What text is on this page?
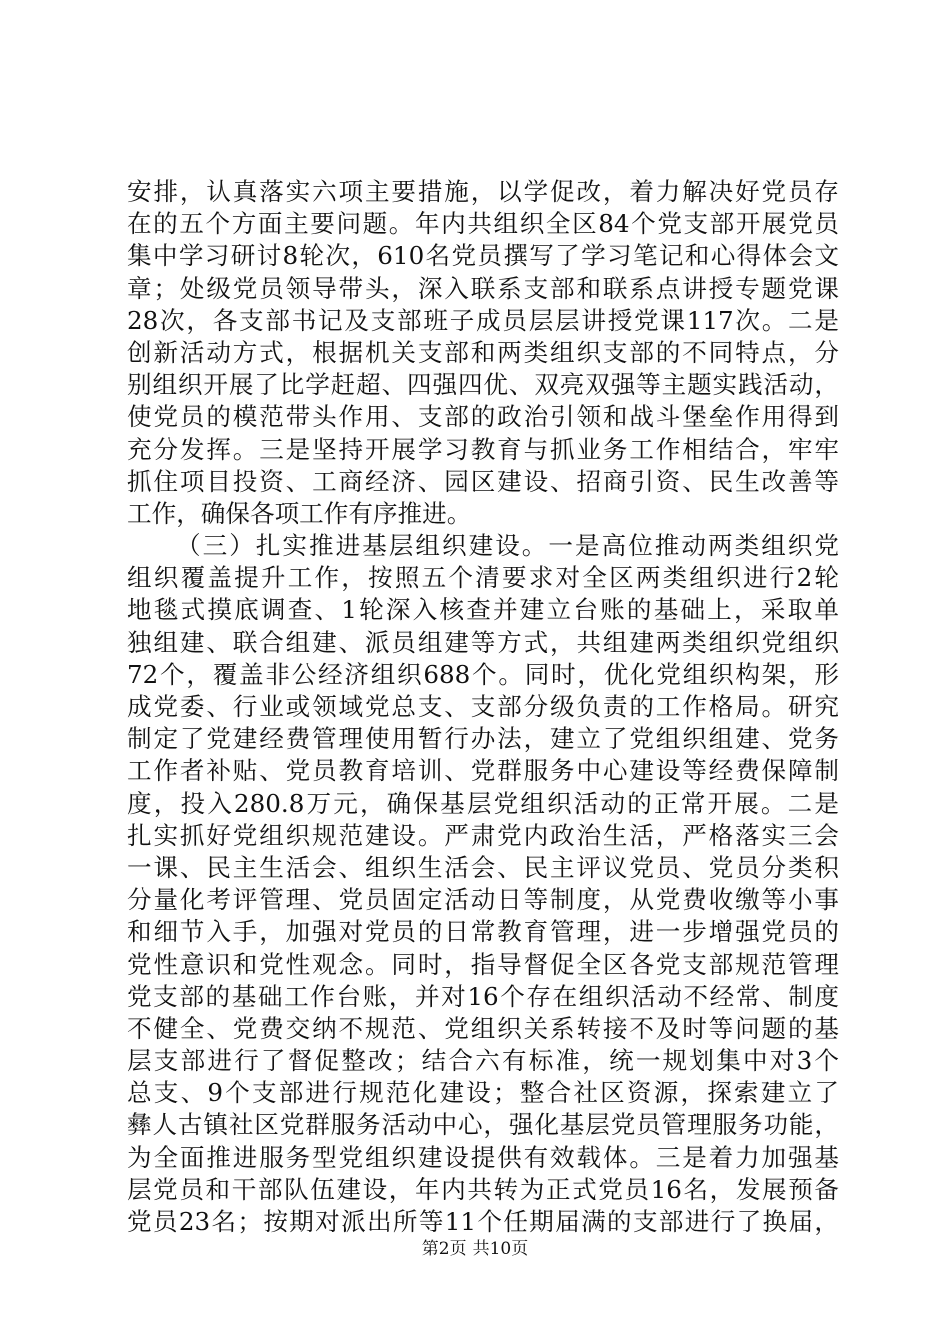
安排，认真落实六项主要措施，以学促改，着力解决好党员存
在的五个方面主要问题。年内共组织全区84个党支部开展党员
集中学习研讨8轮次，610名党员撰写了学习笔记和心得体会文
章；处级党员领导带头，深入联系支部和联系点讲授专题党课
28次，各支部书记及支部班子成员层层讲授党课117次。二是
创新活动方式，根据机关支部和两类组织支部的不同特点，分
别组织开展了比学赶超、四强四优、双亮双强等主题实践活动，
使党员的模范带头作用、支部的政治引领和战斗堡垒作用得到
充分发挥。三是坚持开展学习教育与抓业务工作相结合，牢牢
抓住项目投资、工商经济、园区建设、招商引资、民生改善等
工作，确保各项工作有序推进。
（三）扎实推进基层组织建设。一是高位推动两类组织党
组织覆盖提升工作，按照五个清要求对全区两类组织进行2轮
地毯式摸底调查、1轮深入核查并建立台账的基础上，采取单
独组建、联合组建、派员组建等方式，共组建两类组织党组织
72个，覆盖非公经济组织688个。同时，优化党组织构架，形
成党委、行业或领域党总支、支部分级负责的工作格局。研究
制定了党建经费管理使用暂行办法，建立了党组织组建、党务
工作者补贴、党员教育培训、党群服务中心建设等经费保障制
度，投入280.8万元，确保基层党组织活动的正常开展。二是
扎实抓好党组织规范建设。严肃党内政治生活，严格落实三会
一课、民主生活会、组织生活会、民主评议党员、党员分类积
分量化考评管理、党员固定活动日等制度，从党费收缴等小事
和细节入手，加强对党员的日常教育管理，进一步增强党员的
党性意识和党性观念。同时，指导督促全区各党支部规范管理
党支部的基础工作台账，并对16个存在组织活动不经常、制度
不健全、党费交纳不规范、党组织关系转接不及时等问题的基
层支部进行了督促整改；结合六有标准，统一规划集中对3个
总支、9个支部进行规范化建设；整合社区资源，探索建立了
彝人古镇社区党群服务活动中心，强化基层党员管理服务功能，
为全面推进服务型党组织建设提供有效载体。三是着力加强基
层党员和干部队伍建设，年内共转为正式党员16名，发展预备
党员23名；按期对派出所等11个任期届满的支部进行了换届，
第2页 共10页
